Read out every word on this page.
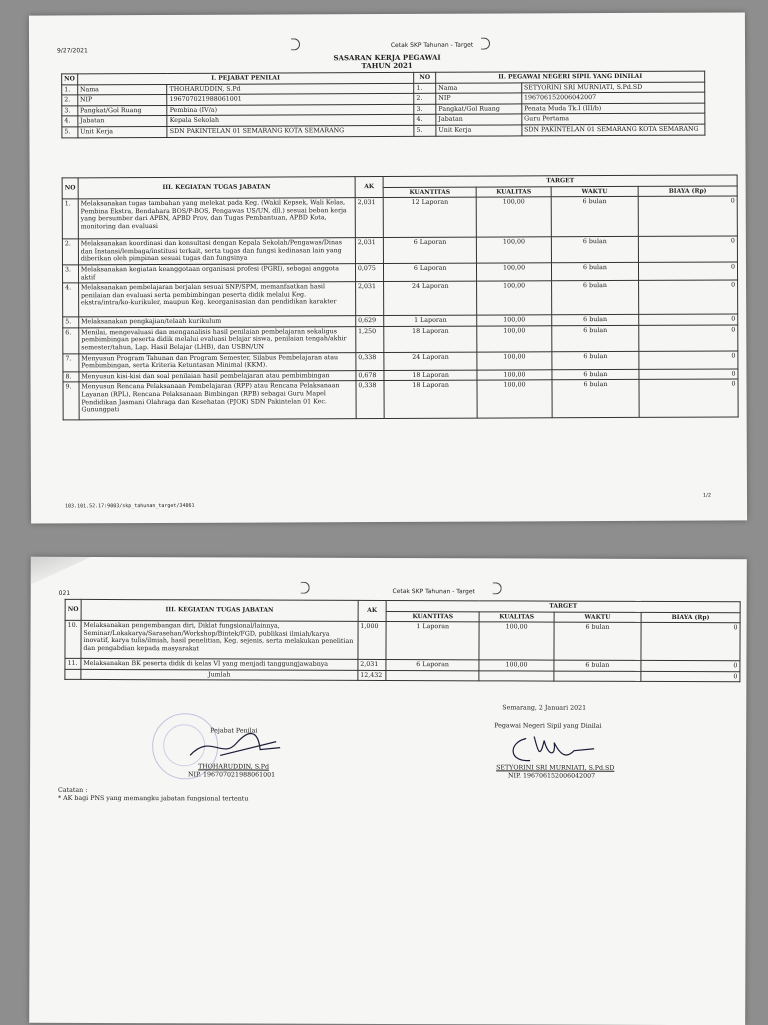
9/27/2021
Cetak SKP Tahunan - Target
SASARAN KERJA PEGAWAI
TAHUN 2021
NO	I. PEJABAT PENILAI		NO	II. PEGAWAI NEGERI SIPIL YANG DINILAI	
1.	Nama	THOHARUDDIN, S.Pd	1.	Nama	SETYORINI SRI MURNIATI, S.Pd.SD
2.	NIP	196707021988061001	2.	NIP	196706152006042007
3.	Pangkat/Gol Ruang	Pembina (IV/a)	3.	Pangkat/Gol Ruang	Penata Muda Tk.I (III/b)
4.	Jabatan	Kepala Sekolah	4.	Jabatan	Guru Pertama
5.	Unit Kerja	SDN PAKINTELAN 01 SEMARANG KOTA SEMARANG	5.	Unit Kerja	SDN PAKINTELAN 01 SEMARANG KOTA SEMARANG
NO	III. KEGIATAN TUGAS JABATAN	AK	TARGET			
			KUANTITAS	KUALITAS	WAKTU	BIAYA (Rp)
1.	Melaksanakan tugas tambahan yang melekat pada Keg. (Wakil Kepsek, Wali Kelas, Pembina Ekstra, Bendahara BOS/P-BOS, Pengawas US/UN, dll.) sesuai beban kerja yang bersumber dari APBN, APBD Prov, dan Tugas Pembantuan, APBD Kota, monitoring dan evaluasi	2,031	12 Laporan	100,00	6 bulan	0
2.	Melaksanakan koordinasi dan konsultasi dengan Kepala Sekolah/Pengawas/Dinas dan Instansi/lembaga/institusi terkait, serta tugas dan fungsi kedinasan lain yang diberikan oleh pimpinan sesuai tugas dan fungsinya	2,031	6 Laporan	100,00	6 bulan	0
3.	Melaksanakan kegiatan keanggotaan organisasi profesi (PGRI), sebagai anggota aktif	0,075	6 Laporan	100,00	6 bulan	0
4.	Melaksanakan pembelajaran berjalan sesuai SNP/SPM, memanfaatkan hasil penilaian dan evaluasi serta pembimbingan peserta didik melalui Keg. ekstra/intra/ko-kurikuler, maupun Keg. keorganisasian dan pendidikan karakter	2,031	24 Laporan	100,00	6 bulan	0
5.	Melaksanakan pengkajian/telaah kurikulum	0,629	1 Laporan	100,00	6 bulan	0
6.	Menilai, mengevaluasi dan menganalisis hasil penilaian pembelajaran sekaligus pembimbingan peserta didik melalui evaluasi belajar siswa, penilaian tengah/akhir semester/tahun, Lap. Hasil Belajar (LHB), dan USBN/UN	1,250	18 Laporan	100,00	6 bulan	0
7.	Menyusun Program Tahunan dan Program Semester, Silabus Pembelajaran atau Pembimbingan, serta Kriteria Ketuntasan Minimal (KKM).	0,338	24 Laporan	100,00	6 bulan	0
8.	Menyusun kisi-kisi dan soal penilaian hasil pembelajaran atau pembimbingan	0,678	18 Laporan	100,00	6 bulan	0
9.	Menyusun Rencana Pelaksanaan Pembelajaran (RPP) atau Rencana Pelaksanaan Layanan (RPL), Rencana Pelaksanaan Bimbingan (RPB) sebagai Guru Mapel Pendidikan Jasmani Olahraga dan Kesehatan (PJOK) SDN Pakintelan 01 Kec. Gunungpati	0,338	18 Laporan	100,00	6 bulan	0
103.101.52.17:9003/skp_tahunan_target/34061
1/2
021	Cetak SKP Tahunan - Target
NO	III. KEGIATAN TUGAS JABATAN	AK	TARGET			
			KUANTITAS	KUALITAS	WAKTU	BIAYA (Rp)
10.	Melaksanakan pengembangan diri, Diklat fungsional/lainnya, Seminar/Lokakarya/Sarasehan/Workshop/Bintek/FGD, publikasi ilmiah/karya inovatif, karya tulis/ilmiah, hasil penelitian, Keg. sejenis, serta melakukan penelitian dan pengabdian kepada masyarakat	1,000	1 Laporan	100,00	6 bulan	0
11.	Melaksanakan BK peserta didik di kelas VI yang menjadi tanggungjawabnya	2,031	6 Laporan	100,00	6 bulan	0
	Jumlah	12,432				0
Pejabat Penilai
THOHARUDDIN, S.Pd
NIP. 196707021988061001
Semarang, 2 Januari 2021
Pegawai Negeri Sipil yang Dinilai
SETYORINI SRI MURNIATI, S.Pd.SD
NIP. 196706152006042007
Catatan :
* AK bagi PNS yang memangku jabatan fungsional tertentu
